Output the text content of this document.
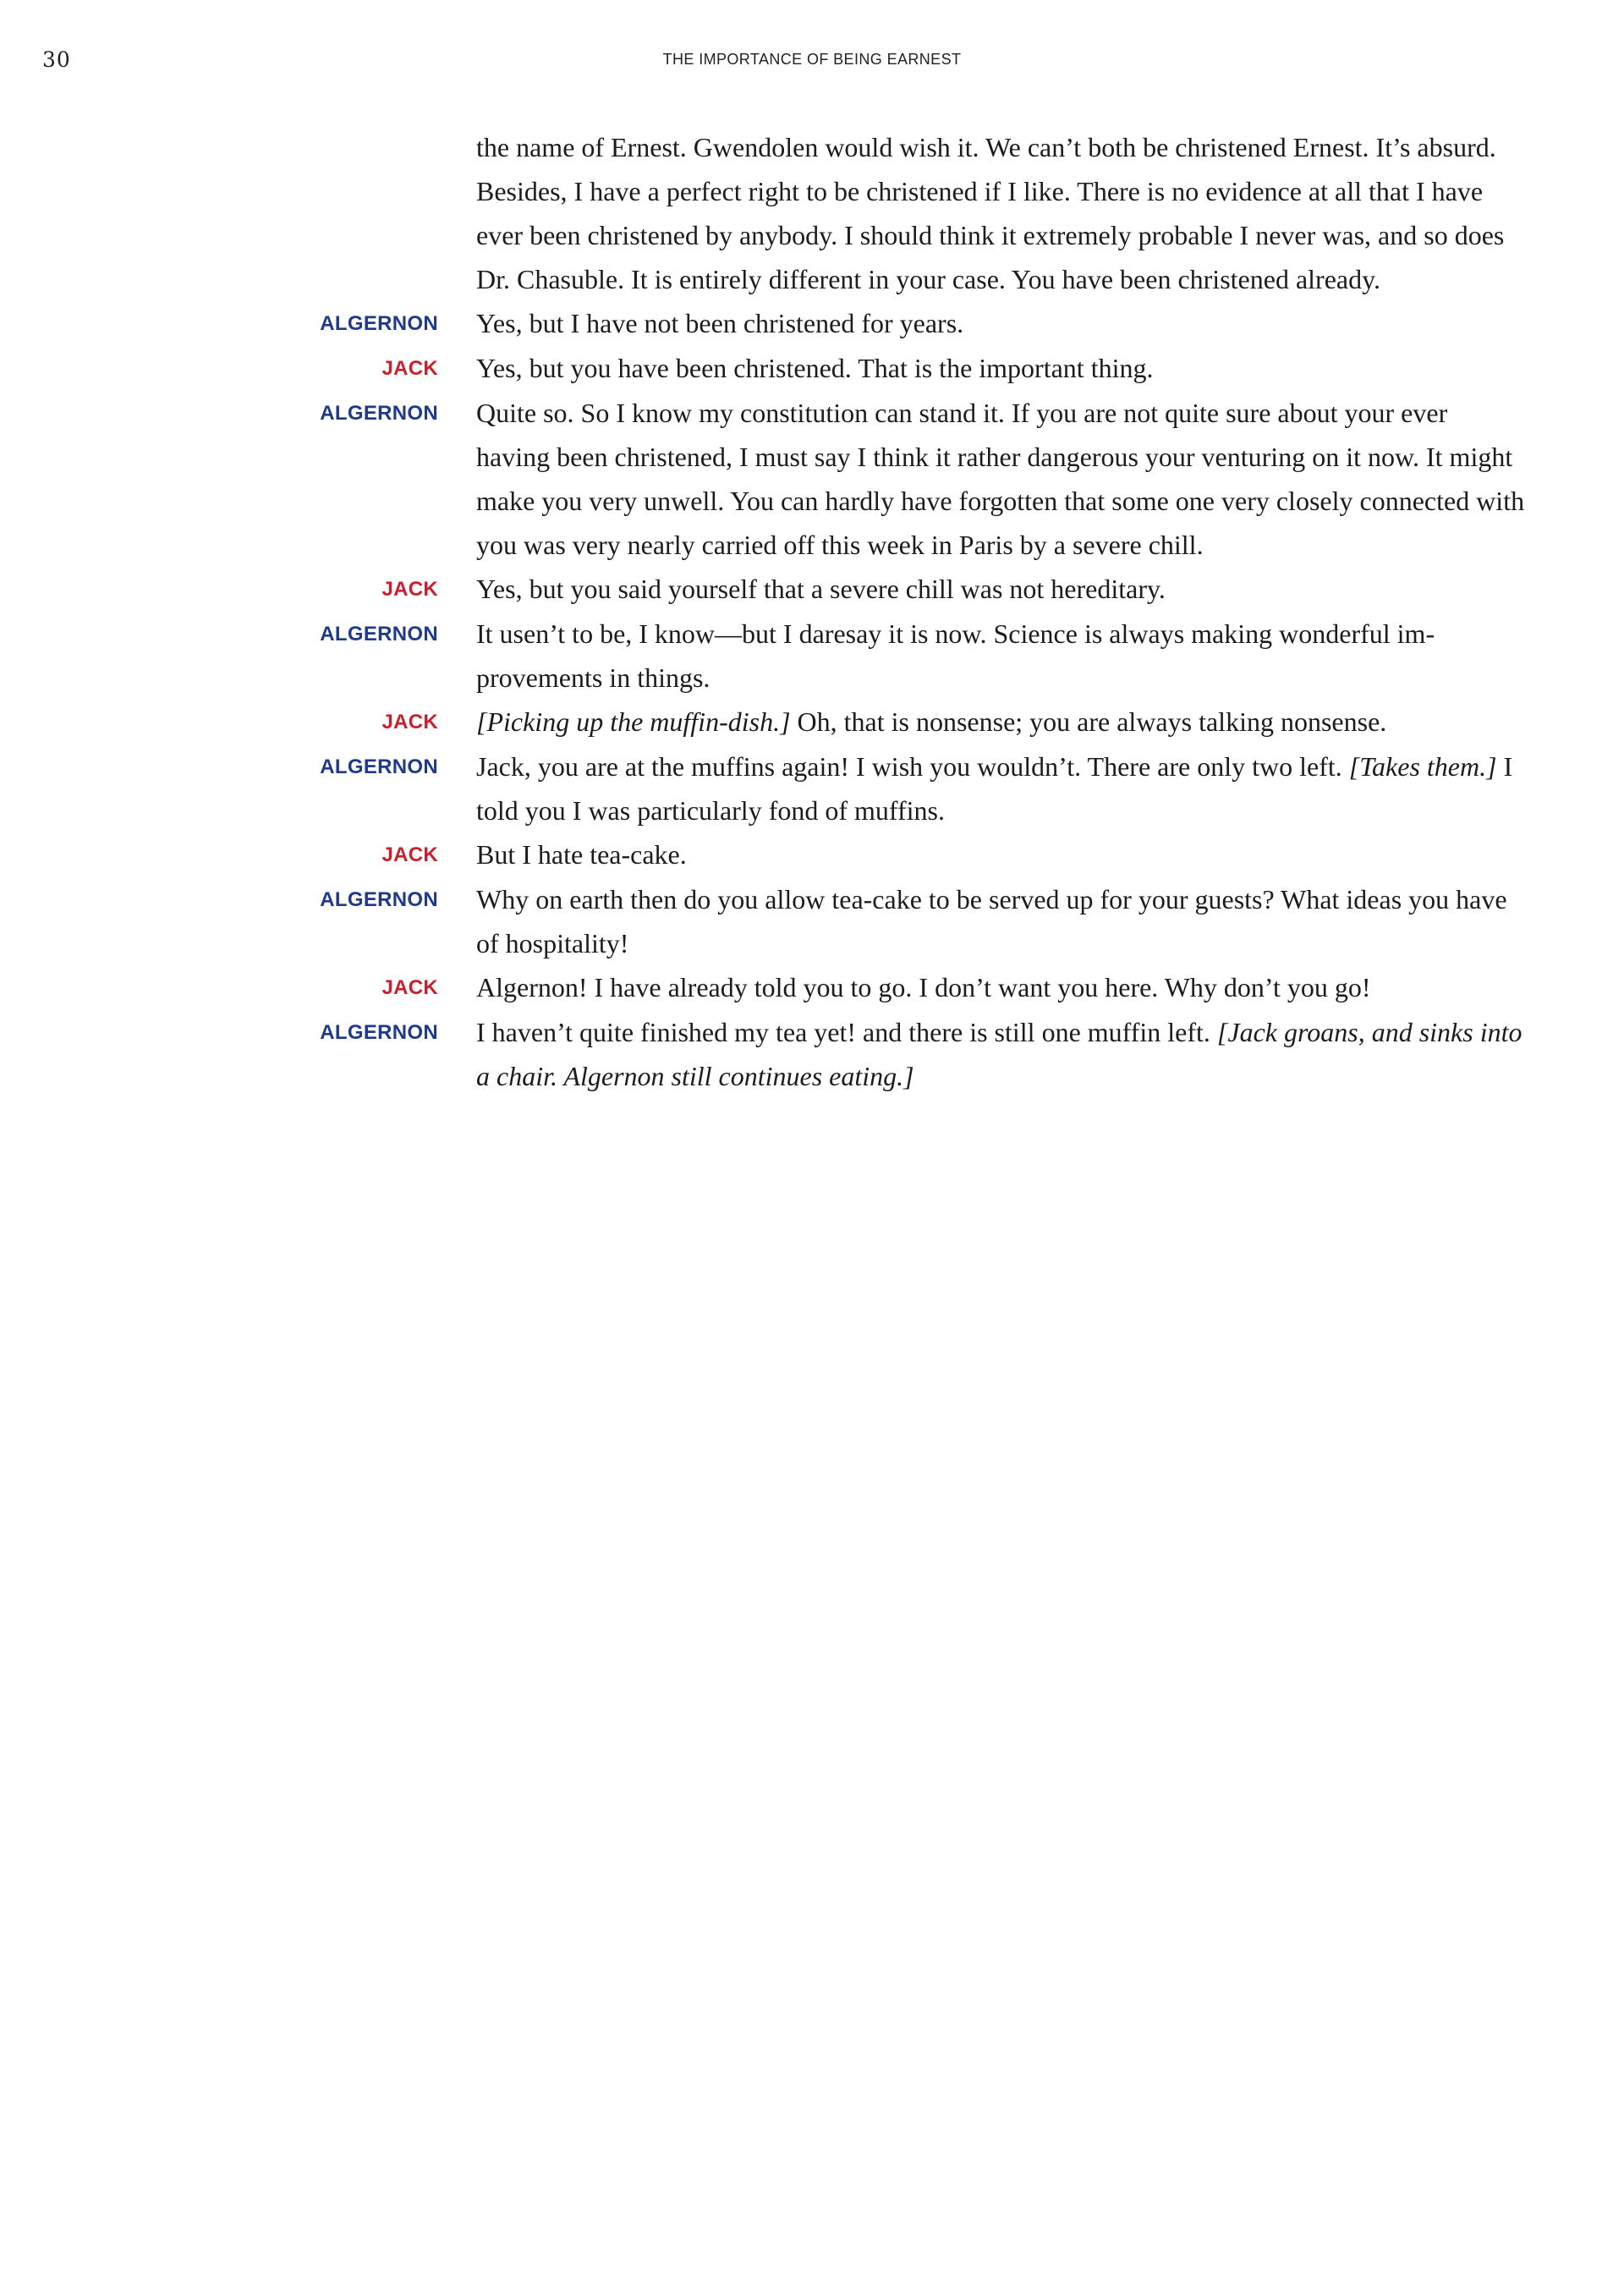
30	THE IMPORTANCE OF BEING EARNEST
the name of Ernest. Gwendolen would wish it. We can’t both be christened Ernest. It’s absurd. Besides, I have a perfect right to be christened if I like. There is no evidence at all that I have ever been christened by anybody. I should think it extremely probable I never was, and so does Dr. Chasuble. It is entirely different in your case. You have been christened already.
ALGERNON Yes, but I have not been christened for years.
JACK Yes, but you have been christened. That is the important thing.
ALGERNON Quite so. So I know my constitution can stand it. If you are not quite sure about your ever having been christened, I must say I think it rather dangerous your venturing on it now. It might make you very unwell. You can hardly have forgotten that some one very closely connected with you was very nearly carried off this week in Paris by a severe chill.
JACK Yes, but you said yourself that a severe chill was not hereditary.
ALGERNON It usen’t to be, I know—but I daresay it is now. Science is always making wonderful im-provements in things.
JACK [Picking up the muffin-dish.] Oh, that is nonsense; you are always talking nonsense.
ALGERNON Jack, you are at the muffins again! I wish you wouldn’t. There are only two left. [Takes them.] I told you I was particularly fond of muffins.
JACK But I hate tea-cake.
ALGERNON Why on earth then do you allow tea-cake to be served up for your guests? What ideas you have of hospitality!
JACK Algernon! I have already told you to go. I don’t want you here. Why don’t you go!
ALGERNON I haven’t quite finished my tea yet! and there is still one muffin left. [Jack groans, and sinks into a chair. Algernon still continues eating.]
